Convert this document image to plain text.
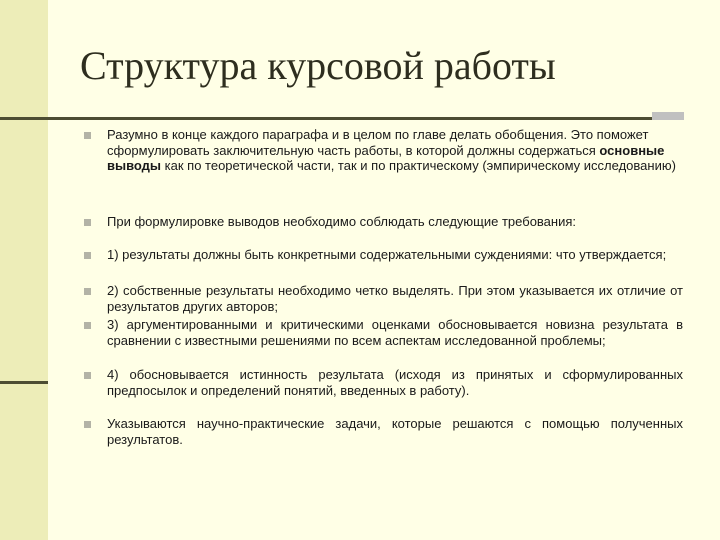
Структура курсовой работы

Разумно в конце каждого параграфа и в целом по главе делать обобщения. Это поможет сформулировать заключительную часть работы, в которой должны содержаться основные выводы как по теоретической части, так и по практическому (эмпирическому исследованию)

При формулировке выводов необходимо соблюдать следующие требования:

1) результаты должны быть конкретными содержательными суждениями: что утверждается;

2) собственные результаты необходимо четко выделять. При этом указывается их отличие от результатов других авторов;

3) аргументированными и критическими оценками обосновывается новизна результата в сравнении с известными решениями по всем аспектам исследованной проблемы;

4) обосновывается истинность результата (исходя из принятых и сформулированных предпосылок и определений понятий, введенных в работу).

Указываются научно-практические задачи, которые решаются с помощью полученных результатов.
